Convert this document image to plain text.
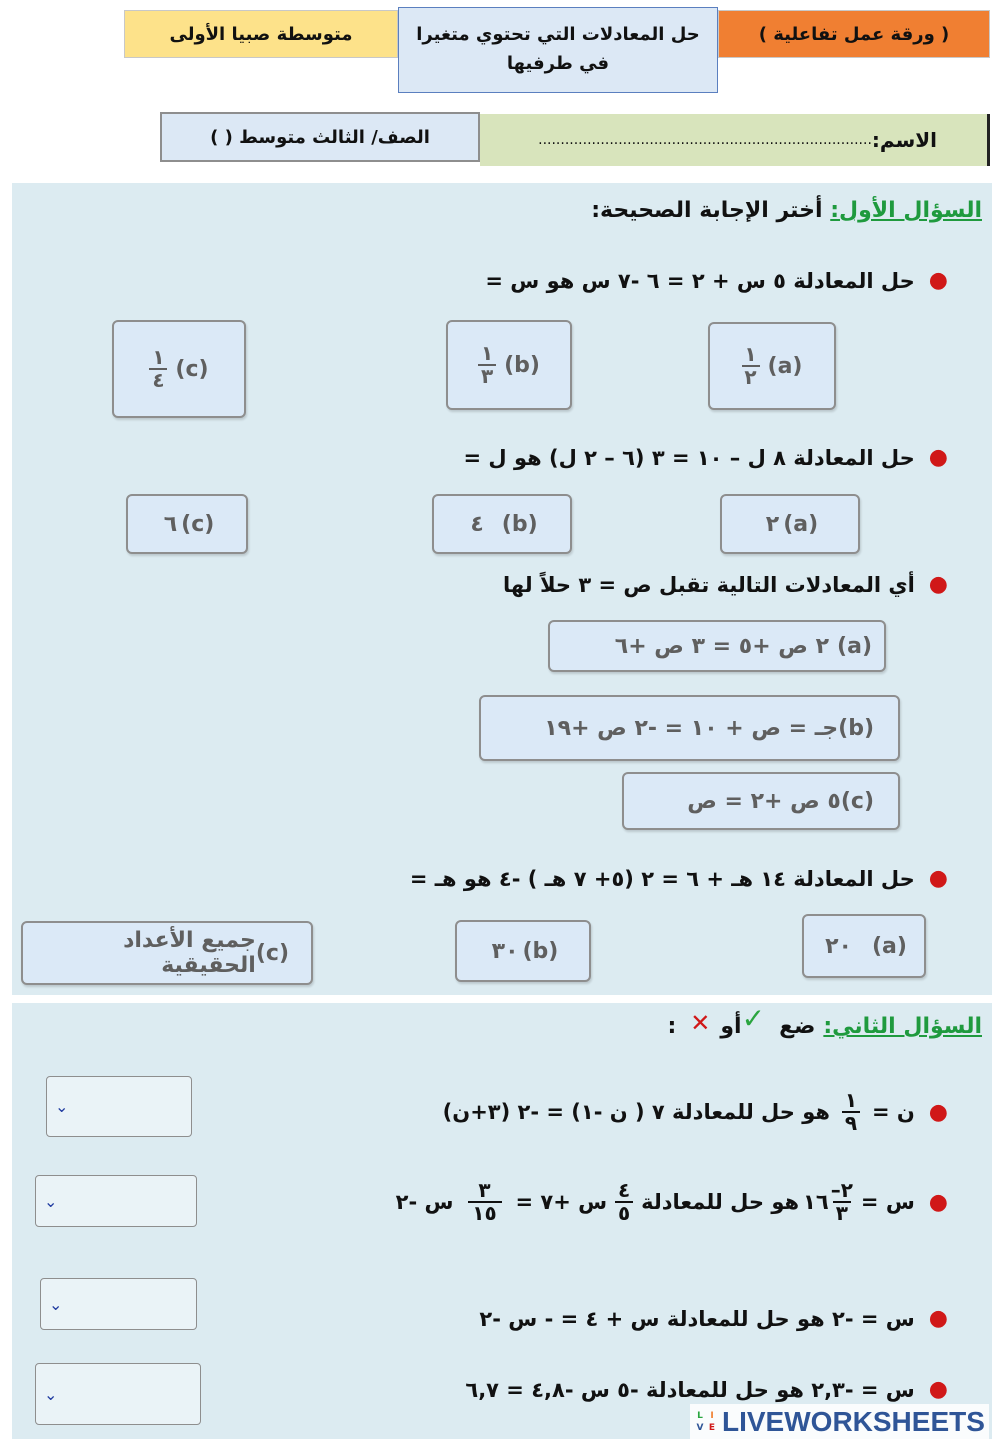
( ورقة عمل تفاعلية )
حل المعادلات التي تحتوي متغيرا في طرفيها
متوسطة صبيا الأولى
الاسم:
...........................................................................
الصف/ الثالث متوسط ( )
السؤال الأول: أختر الإجابة الصحيحة:
●
حل المعادلة ٥ س + ٢ = ٦ -٧ س هو س =
$\frac{١}{٢} (a)$
$\frac{١}{٣} (b)$
$\frac{١}{٤} (c)$
●
حل المعادلة ٨ ل – ١٠ = ٣ (٦ – ٢ ل) هو ل =
٢ (a)
٤ (b)
٦ (c)
●
أي المعادلات التالية تقبل ص = ٣ حلاً لها
(a)
٢ ص +٥ = ٣ ص +٦
(b)
جـ = ص + ١٠ = -٢ ص +١٩
(c)
٥ ص +٢ = ص
●
حل المعادلة ١٤ هـ + ٦ = ٢ (٥+ ٧ هـ ) -٤ هو هـ =
٢٠ (a)
٣٠ (b)
(c)
جميع الأعداد الحقيقية
السؤال الثاني:
ضع
✓
أو
✕
:
●
ن =
$\frac{١}{٩}$
هو حل للمعادلة ٧ ( ن -١) = -٢ (٣+ن)
⌄
●
س =
$\frac{٢-}{٣}$
١٦
هو حل للمعادلة
$\frac{٤}{٥}$
س +٧ =
$\frac{٣}{١٥}$
س -٢
⌄
●
س = -٢ هو حل للمعادلة س + ٤ = - س -٢
⌄
●
س = -٢,٣ هو حل للمعادلة -٥ س -٤,٨ = ٦,٧
⌄
L I
V E LIVEWORKSHEETS
